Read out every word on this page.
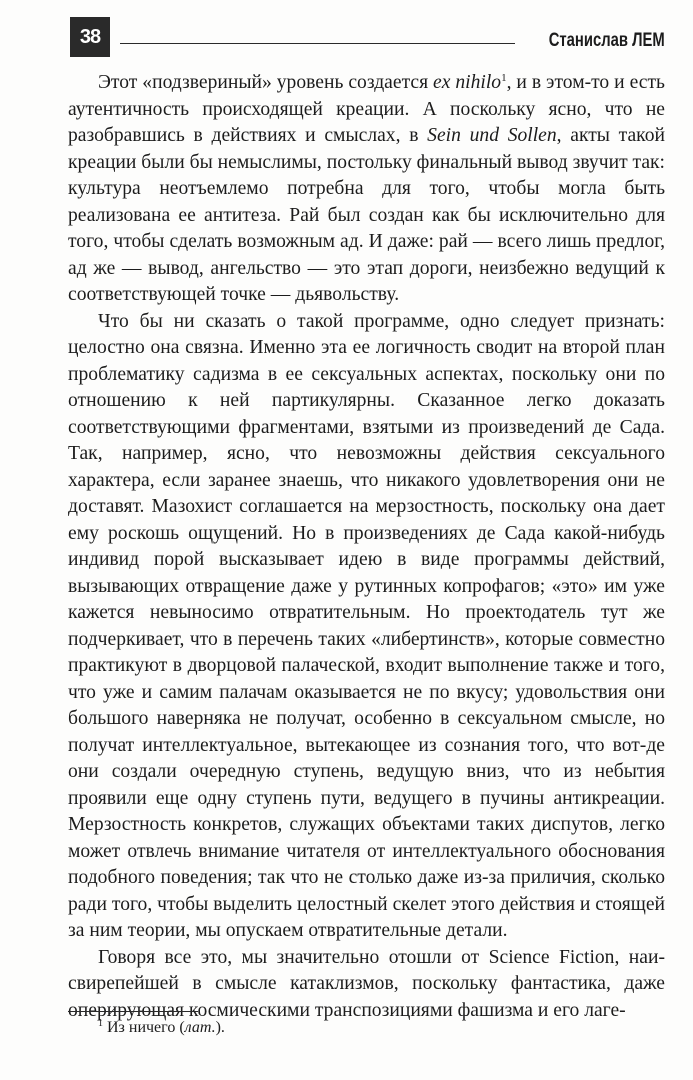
38	Станислав ЛЕМ

Этот «подзвериный» уровень создается ex nihilo$^1$, и в этом-то и есть аутентичность происходящей креации. А поскольку ясно, что не разобравшись в действиях и смыслах, в Sein und Sollen, акты такой креации были бы немыслимы, постольку финальный вывод звучит так: культура неотъемлемо потребна для того, чтобы могла быть реализована ее антитеза. Рай был создан как бы исключительно для того, чтобы сделать возможным ад. И даже: рай — всего лишь предлог, ад же — вывод, ангельство — это этап дороги, неизбежно ведущий к соответствующей точке — дьявольству.

Что бы ни сказать о такой программе, одно следует признать: целостно она связна. Именно эта ее логичность сводит на второй план проблематику садизма в ее сексуальных аспектах, поскольку они по отношению к ней партикулярны. Сказанное легко доказать соответствующими фрагментами, взятыми из произведений де Сада. Так, например, ясно, что невозможны действия сексуального характера, если заранее знаешь, что никакого удовлетворения они не доставят. Мазохист соглашается на мерзостность, поскольку она дает ему роскошь ощущений. Но в произведениях де Сада какой-нибудь индивид порой высказывает идею в виде программы действий, вызывающих отвращение даже у рутинных копрофагов; «это» им уже кажется невыносимо отвратительным. Но проектодатель тут же подчеркивает, что в перечень таких «либертинств», которые совместно практикуют в дворцовой палаческой, входит выполнение также и того, что уже и самим палачам оказывается не по вкусу; удовольствия они большого наверняка не получат, особенно в сексуальном смысле, но получат интеллектуальное, вытекающее из сознания того, что вот-де они создали очередную ступень, ведущую вниз, что из небытия проявили еще одну ступень пути, ведущего в пучины антикреации. Мерзостность конкретов, служащих объектами таких диспутов, легко может отвлечь внимание читателя от интеллектуального обоснования подобного поведения; так что не столько даже из-за приличия, сколько ради того, чтобы выделить целостный скелет этого действия и стоящей за ним теории, мы опускаем отвратительные детали.

Говоря все это, мы значительно отошли от Science Fiction, наисвирепейшей в смысле катаклизмов, поскольку фантастика, даже оперирующая космическими транспозициями фашизма и его лаге-

$^1$ Из ничего (лат.).
